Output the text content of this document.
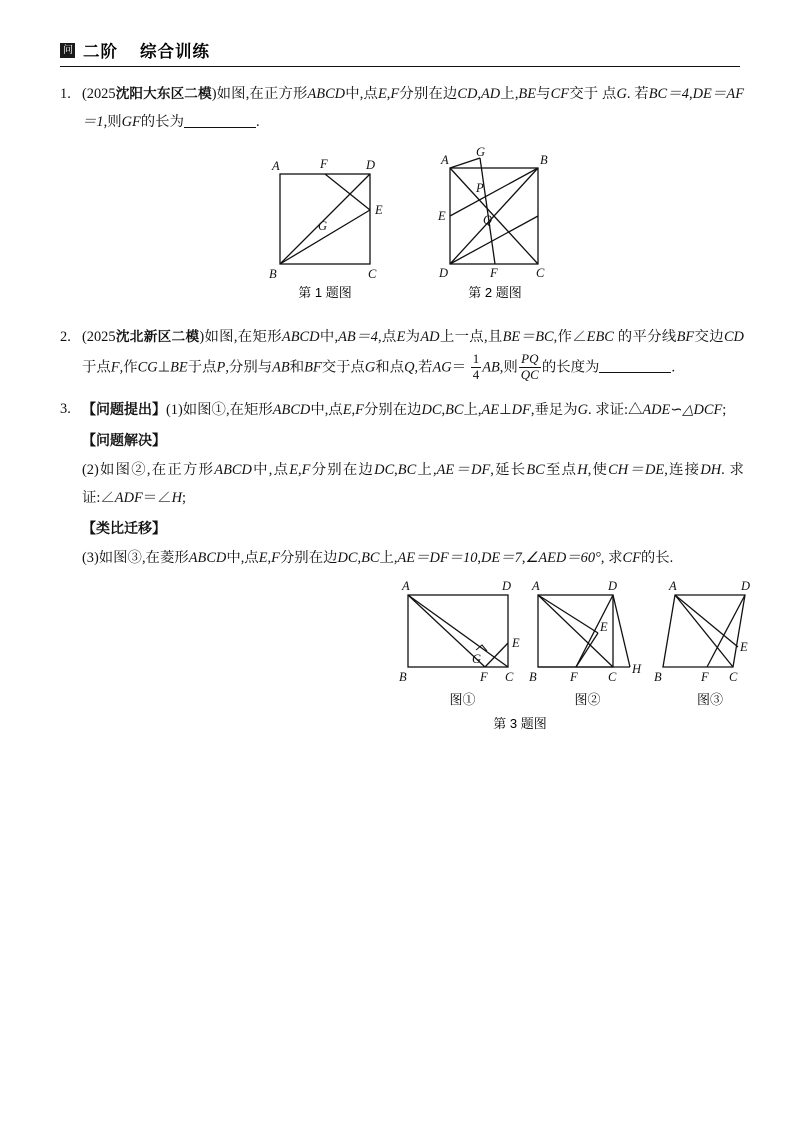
问 二阶 综合训练
1. (2025沈阳大东区二模)如图,在正方形ABCD中,点E,F分别在边CD,AD上,BE与CF交于 点G. 若BC＝4,DE＝AF＝1,则GF的长为	.
A	F	D
E
G
B	C
第 1 题图
G
B
A
P
E	Q
D	F	C
第 2 题图
2. (2025沈北新区二模)如图,在矩形ABCD中,AB＝4,点E为AD上一点,且BE＝BC,作∠EBC 的平分线BF交边CD于点F,作CG⊥BE于点P,分别与AB和BF交于点G和点Q,若$AG= \frac{1}{4}$ AB,则 $\frac{PQ}{QC}$ 的长度为	.
3. 【问题提出】(1)如图①,在矩形ABCD中,点E,F分别在边DC,BC上,AE⊥DF,垂足为G. 求证:△ADE∽△DCF;
【问题解决】
(2)如图②,在正方形ABCD中,点E,F分别在边DC,BC上,AE＝DF,延长BC至点H,使CH＝DE,连接DH. 求证:∠ADF＝∠H;
【类比迁移】
(3)如图③,在菱形ABCD中,点E,F分别在边DC,BC上,AE＝DF＝10,DE＝7,∠AED＝60°, 求CF的长.
A	D
E
G
B	F C
图①
A	D
E
B	F C
H
图②
A	D
E
B	F C
图③
第 3 题图
